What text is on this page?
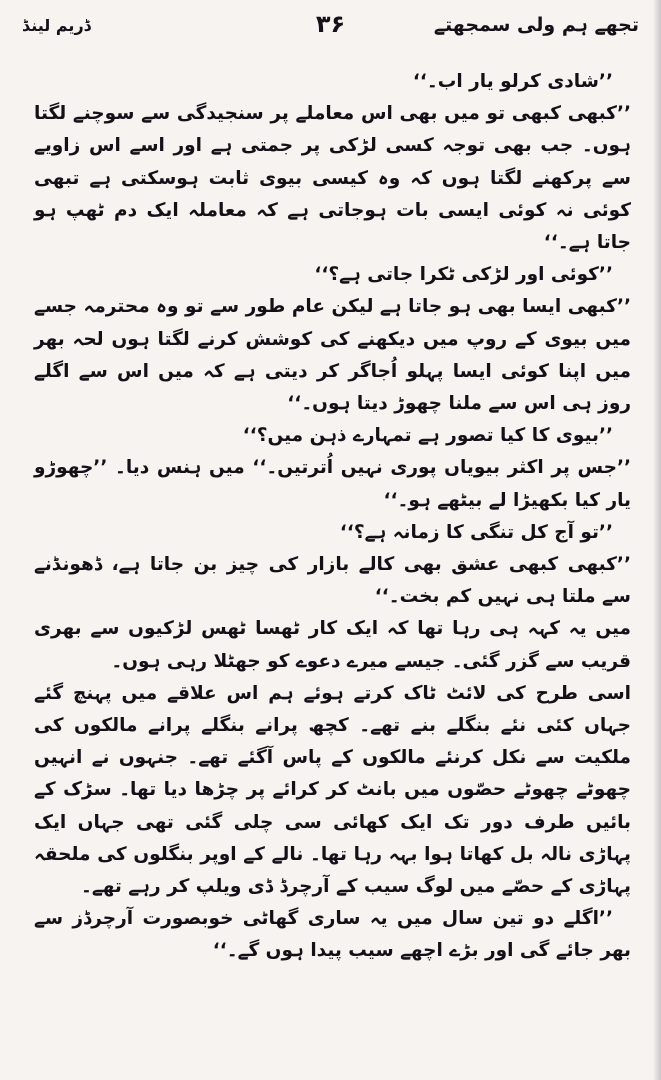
تجھے ہم ولی سمجھتے
۳۶
ڈریم لینڈ

’’شادی کرلو یار اب۔‘‘

’’کبھی کبھی تو میں بھی اس معاملے پر سنجیدگی سے سوچنے لگتا ہوں۔ جب بھی توجہ کسی لڑکی پر جمتی ہے اور اسے اس زاویے سے پرکھنے لگتا ہوں کہ وہ کیسی بیوی ثابت ہوسکتی ہے تبھی کوئی نہ کوئی ایسی بات ہوجاتی ہے کہ معاملہ ایک دم ٹھپ ہو جاتا ہے۔‘‘

’’کوئی اور لڑکی ٹکرا جاتی ہے؟‘‘

’’کبھی ایسا بھی ہو جاتا ہے لیکن عام طور سے تو وہ محترمہ جسے میں بیوی کے روپ میں دیکھنے کی کوشش کرنے لگتا ہوں لحہ بھر میں اپنا کوئی ایسا پہلو اُجاگر کر دیتی ہے کہ میں اس سے اگلے روز ہی اس سے ملنا چھوڑ دیتا ہوں۔‘‘

’’بیوی کا کیا تصور ہے تمہارے ذہن میں؟‘‘

’’جس پر اکثر بیویاں پوری نہیں اُترتیں۔‘‘ میں ہنس دیا۔ ’’چھوڑو یار کیا بکھیڑا لے بیٹھے ہو۔‘‘

’’تو آج کل تنگی کا زمانہ ہے؟‘‘

’’کبھی کبھی عشق بھی کالے بازار کی چیز بن جاتا ہے، ڈھونڈنے سے ملتا ہی نہیں کم بخت۔‘‘

میں یہ کہہ ہی رہا تھا کہ ایک کار ٹھسا ٹھس لڑکیوں سے بھری قریب سے گزر گئی۔ جیسے میرے دعوے کو جھٹلا رہی ہوں۔

اسی طرح کی لائٹ ٹاک کرتے ہوئے ہم اس علاقے میں پہنچ گئے جہاں کئی نئے بنگلے بنے تھے۔ کچھ پرانے بنگلے پرانے مالکوں کی ملکیت سے نکل کرنئے مالکوں کے پاس آگئے تھے۔ جنہوں نے انہیں چھوٹے چھوٹے حصّوں میں بانٹ کر کرائے پر چڑھا دیا تھا۔ سڑک کے بائیں طرف دور تک ایک کھائی سی چلی گئی تھی جہاں ایک پہاڑی نالہ بل کھاتا ہوا بہہ رہا تھا۔ نالے کے اوپر بنگلوں کی ملحقہ پہاڑی کے حصّے میں لوگ سیب کے آرچرڈ ڈی ویلپ کر رہے تھے۔

’’اگلے دو تین سال میں یہ ساری گھاٹی خوبصورت آرچرڈز سے بھر جائے گی اور بڑے اچھے سیب پیدا ہوں گے۔‘‘
